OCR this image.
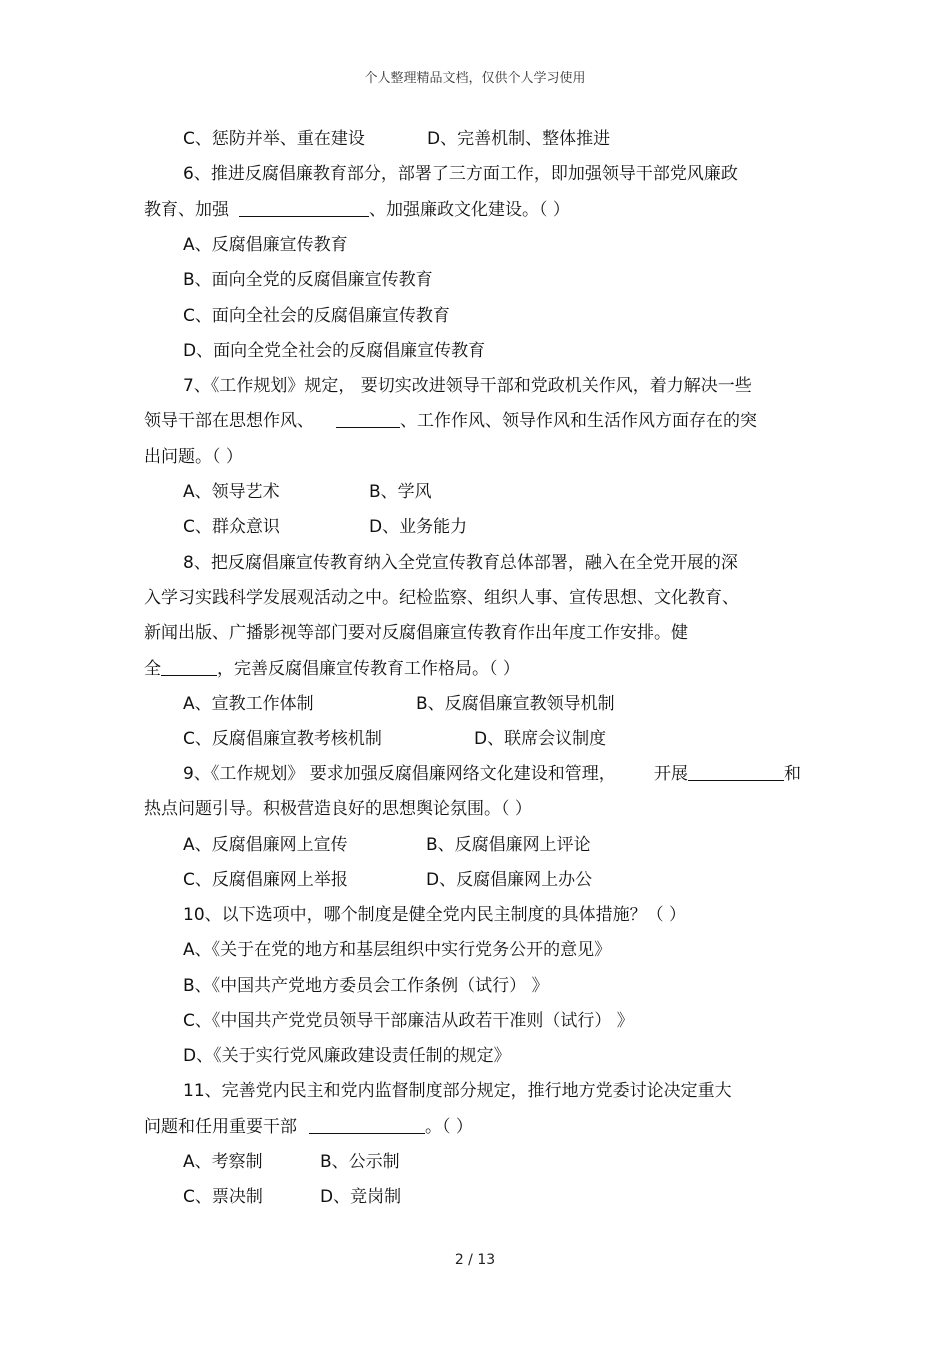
个人整理精品文档，仅供个人学习使用
C、惩防并举、重在建设	D、完善机制、整体推进
6、推进反腐倡廉教育部分，部署了三方面工作，即加强领导干部党风廉政
教育、加强	、加强廉政文化建设。（ ）
A、反腐倡廉宣传教育
B、面向全党的反腐倡廉宣传教育
C、面向全社会的反腐倡廉宣传教育
D、面向全党全社会的反腐倡廉宣传教育
7、《工作规划》规定， 要切实改进领导干部和党政机关作风，着力解决一些
领导干部在思想作风、	、工作作风、领导作风和生活作风方面存在的突
出问题。（ ）
A、领导艺术	B、学风
C、群众意识	D、业务能力
8、把反腐倡廉宣传教育纳入全党宣传教育总体部署，融入在全党开展的深
入学习实践科学发展观活动之中。纪检监察、组织人事、宣传思想、文化教育、
新闻出版、广播影视等部门要对反腐倡廉宣传教育作出年度工作安排。健
全	，完善反腐倡廉宣传教育工作格局。（ ）
A、宣教工作体制	B、反腐倡廉宣教领导机制
C、反腐倡廉宣教考核机制	D、联席会议制度
9、《工作规划》 要求加强反腐倡廉网络文化建设和管理， 开展	和
热点问题引导。积极营造良好的思想舆论氛围。（ ）
A、反腐倡廉网上宣传	B、反腐倡廉网上评论
C、反腐倡廉网上举报	D、反腐倡廉网上办公
10、以下选项中，哪个制度是健全党内民主制度的具体措施？（ ）
A、《关于在党的地方和基层组织中实行党务公开的意见》
B、《中国共产党地方委员会工作条例（试行） 》
C、《中国共产党党员领导干部廉洁从政若干准则（试行） 》
D、《关于实行党风廉政建设责任制的规定》
11、完善党内民主和党内监督制度部分规定，推行地方党委讨论决定重大
问题和任用重要干部	。（ ）
A、考察制	B、公示制
C、票决制	D、竞岗制
2 / 13
